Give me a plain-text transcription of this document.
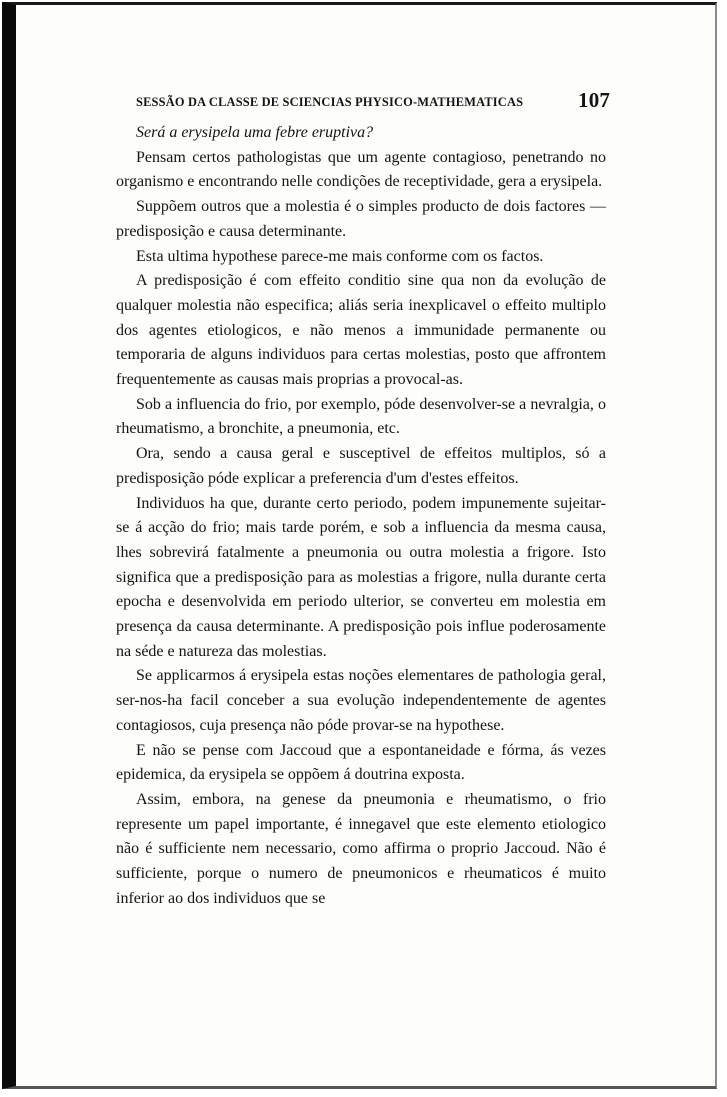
SESSÃO DA CLASSE DE SCIENCIAS PHYSICO-MATHEMATICAS	107

Será a erysipela uma febre eruptiva?

Pensam certos pathologistas que um agente contagioso, penetrando no organismo e encontrando nelle condições de receptividade, gera a erysipela.

Suppõem outros que a molestia é o simples producto de dois factores — predisposição e causa determinante.

Esta ultima hypothese parece-me mais conforme com os factos.

A predisposição é com effeito conditio sine qua non da evolução de qualquer molestia não especifica; aliás seria inexplicavel o effeito multiplo dos agentes etiologicos, e não menos a immunidade permanente ou temporaria de alguns individuos para certas molestias, posto que affrontem frequentemente as causas mais proprias a provocal-as.

Sob a influencia do frio, por exemplo, póde desenvolver-se a nevralgia, o rheumatismo, a bronchite, a pneumonia, etc.

Ora, sendo a causa geral e susceptivel de effeitos multiplos, só a predisposição póde explicar a preferencia d'um d'estes effeitos.

Individuos ha que, durante certo periodo, podem impunemente sujeitar-se á acção do frio; mais tarde porém, e sob a influencia da mesma causa, lhes sobrevirá fatalmente a pneumonia ou outra molestia a frigore. Isto significa que a predisposição para as molestias a frigore, nulla durante certa epocha e desenvolvida em periodo ulterior, se converteu em molestia em presença da causa determinante. A predisposição pois influe poderosamente na séde e natureza das molestias.

Se applicarmos á erysipela estas noções elementares de pathologia geral, ser-nos-ha facil conceber a sua evolução independentemente de agentes contagiosos, cuja presença não póde provar-se na hypothese.

E não se pense com Jaccoud que a espontaneidade e fórma, ás vezes epidemica, da erysipela se oppõem á doutrina exposta.

Assim, embora, na genese da pneumonia e rheumatismo, o frio represente um papel importante, é innegavel que este elemento etiologico não é sufficiente nem necessario, como affirma o proprio Jaccoud. Não é sufficiente, porque o numero de pneumonicos e rheumaticos é muito inferior ao dos individuos que se
